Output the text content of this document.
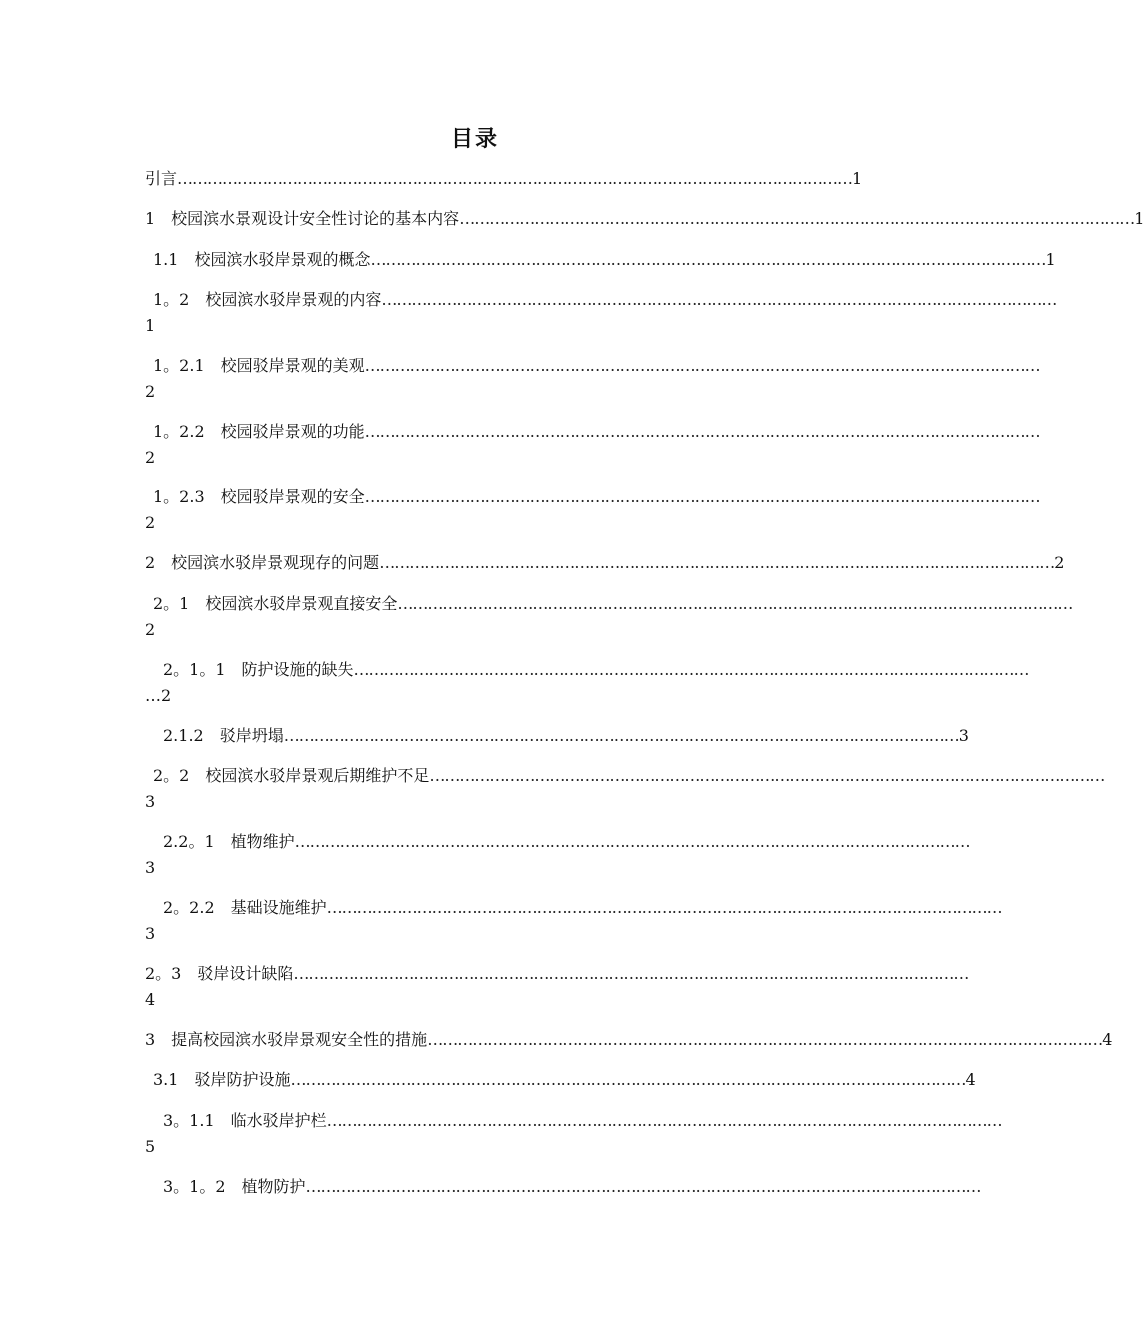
目录
引言 ……………………………………………………………………………………………………………………… 1
1　校园滨水景观设计安全性讨论的基本内容 ……………………………………………………………………………………………………………………… 1
1.1　校园滨水驳岸景观的概念 ……………………………………………………………………………………………………………………… 1
1。2　校园滨水驳岸景观的内容 ………………………………………………………………………………………………………………………
1
1。2.1　校园驳岸景观的美观 ………………………………………………………………………………………………………………………
2
1。2.2　校园驳岸景观的功能 ………………………………………………………………………………………………………………………
2
1。2.3　校园驳岸景观的安全 ………………………………………………………………………………………………………………………
2
2　校园滨水驳岸景观现存的问题 ……………………………………………………………………………………………………………………… 2
2。1　校园滨水驳岸景观直接安全 ………………………………………………………………………………………………………………………
2
2。1。1　防护设施的缺失 ………………………………………………………………………………………………………………………
…2
2.1.2　驳岸坍塌 ……………………………………………………………………………………………………………………… 3
2。2　校园滨水驳岸景观后期维护不足 ………………………………………………………………………………………………………………………
3
2.2。1　植物维护 ………………………………………………………………………………………………………………………
3
2。2.2　基础设施维护 ………………………………………………………………………………………………………………………
3
2。3　驳岸设计缺陷 ………………………………………………………………………………………………………………………
4
3　提高校园滨水驳岸景观安全性的措施 ……………………………………………………………………………………………………………………… 4
3.1　驳岸防护设施 ……………………………………………………………………………………………………………………… 4
3。1.1　临水驳岸护栏 ………………………………………………………………………………………………………………………
5
3。1。2　植物防护 ………………………………………………………………………………………………………………………
